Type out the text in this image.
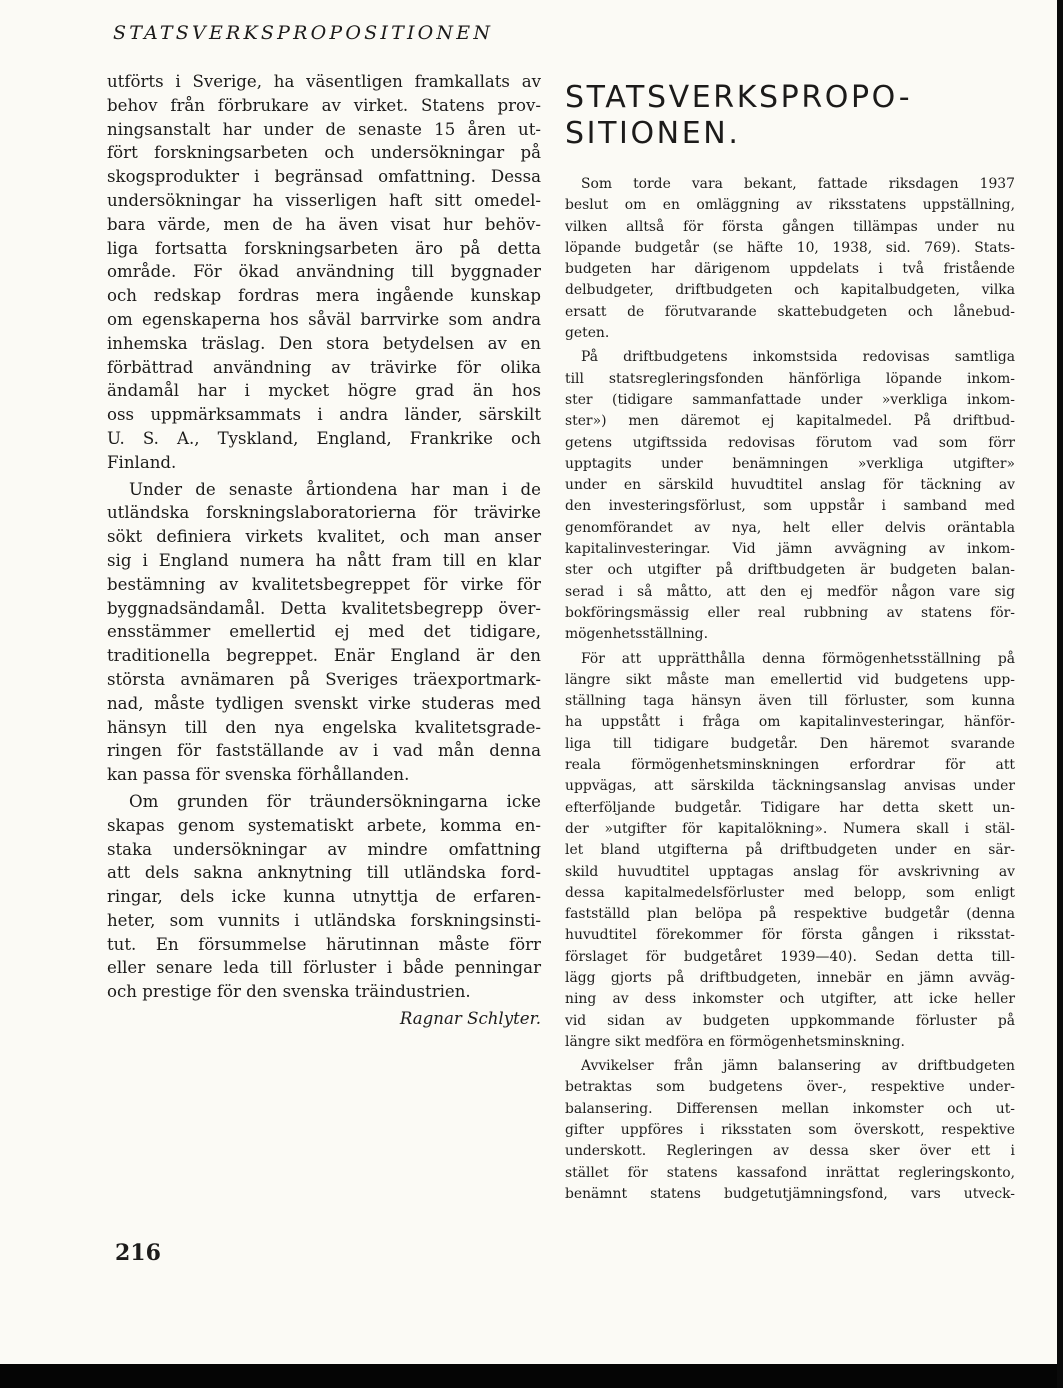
STATSVERKSPROPOSITIONEN
utförts i Sverige, ha väsentligen framkallats av
behov från förbrukare av virket. Statens prov-
ningsanstalt har under de senaste 15 åren ut-
fört forskningsarbeten och undersökningar på
skogsprodukter i begränsad omfattning. Dessa
undersökningar ha visserligen haft sitt omedel-
bara värde, men de ha även visat hur behöv-
liga fortsatta forskningsarbeten äro på detta
område. För ökad användning till byggnader
och redskap fordras mera ingående kunskap
om egenskaperna hos såväl barrvirke som andra
inhemska träslag. Den stora betydelsen av en
förbättrad användning av trävirke för olika
ändamål har i mycket högre grad än hos
oss uppmärksammats i andra länder, särskilt
U. S. A., Tyskland, England, Frankrike och
Finland.
Under de senaste årtiondena har man i de
utländska forskningslaboratorierna för trävirke
sökt definiera virkets kvalitet, och man anser
sig i England numera ha nått fram till en klar
bestämning av kvalitetsbegreppet för virke för
byggnadsändamål. Detta kvalitetsbegrepp över-
ensstämmer emellertid ej med det tidigare,
traditionella begreppet. Enär England är den
största avnämaren på Sveriges träexportmark-
nad, måste tydligen svenskt virke studeras med
hänsyn till den nya engelska kvalitetsgrade-
ringen för fastställande av i vad mån denna
kan passa för svenska förhållanden.
Om grunden för träundersökningarna icke
skapas genom systematiskt arbete, komma en-
staka undersökningar av mindre omfattning
att dels sakna anknytning till utländska ford-
ringar, dels icke kunna utnyttja de erfaren-
heter, som vunnits i utländska forskningsinsti-
tut. En försummelse härutinnan måste förr
eller senare leda till förluster i både penningar
och prestige för den svenska träindustrien.
Ragnar Schlyter.
STATSVERKSPROPO-
SITIONEN.
Som torde vara bekant, fattade riksdagen 1937
beslut om en omläggning av riksstatens uppställning,
vilken alltså för första gången tillämpas under nu
löpande budgetår (se häfte 10, 1938, sid. 769). Stats-
budgeten har därigenom uppdelats i två fristående
delbudgeter, driftbudgeten och kapitalbudgeten, vilka
ersatt de förutvarande skattebudgeten och lånebud-
geten.
På driftbudgetens inkomstsida redovisas samtliga
till statsregleringsfonden hänförliga löpande inkom-
ster (tidigare sammanfattade under »verkliga inkom-
ster») men däremot ej kapitalmedel. På driftbud-
getens utgiftssida redovisas förutom vad som förr
upptagits under benämningen »verkliga utgifter»
under en särskild huvudtitel anslag för täckning av
den investeringsförlust, som uppstår i samband med
genomförandet av nya, helt eller delvis oräntabla
kapitalinvesteringar. Vid jämn avvägning av inkom-
ster och utgifter på driftbudgeten är budgeten balan-
serad i så måtto, att den ej medför någon vare sig
bokföringsmässig eller real rubbning av statens för-
mögenhetsställning.
För att upprätthålla denna förmögenhetsställning på
längre sikt måste man emellertid vid budgetens upp-
ställning taga hänsyn även till förluster, som kunna
ha uppstått i fråga om kapitalinvesteringar, hänför-
liga till tidigare budgetår. Den häremot svarande
reala förmögenhetsminskningen erfordrar för att
uppvägas, att särskilda täckningsanslag anvisas under
efterföljande budgetår. Tidigare har detta skett un-
der »utgifter för kapitalökning». Numera skall i stäl-
let bland utgifterna på driftbudgeten under en sär-
skild huvudtitel upptagas anslag för avskrivning av
dessa kapitalmedelsförluster med belopp, som enligt
fastställd plan belöpa på respektive budgetår (denna
huvudtitel förekommer för första gången i riksstat-
förslaget för budgetåret 1939—40). Sedan detta till-
lägg gjorts på driftbudgeten, innebär en jämn avväg-
ning av dess inkomster och utgifter, att icke heller
vid sidan av budgeten uppkommande förluster på
längre sikt medföra en förmögenhetsminskning.
Avvikelser från jämn balansering av driftbudgeten
betraktas som budgetens över-, respektive under-
balansering. Differensen mellan inkomster och ut-
gifter uppföres i riksstaten som överskott, respektive
underskott. Regleringen av dessa sker över ett i
stället för statens kassafond inrättat regleringskonto,
benämnt statens budgetutjämningsfond, vars utveck-
216
